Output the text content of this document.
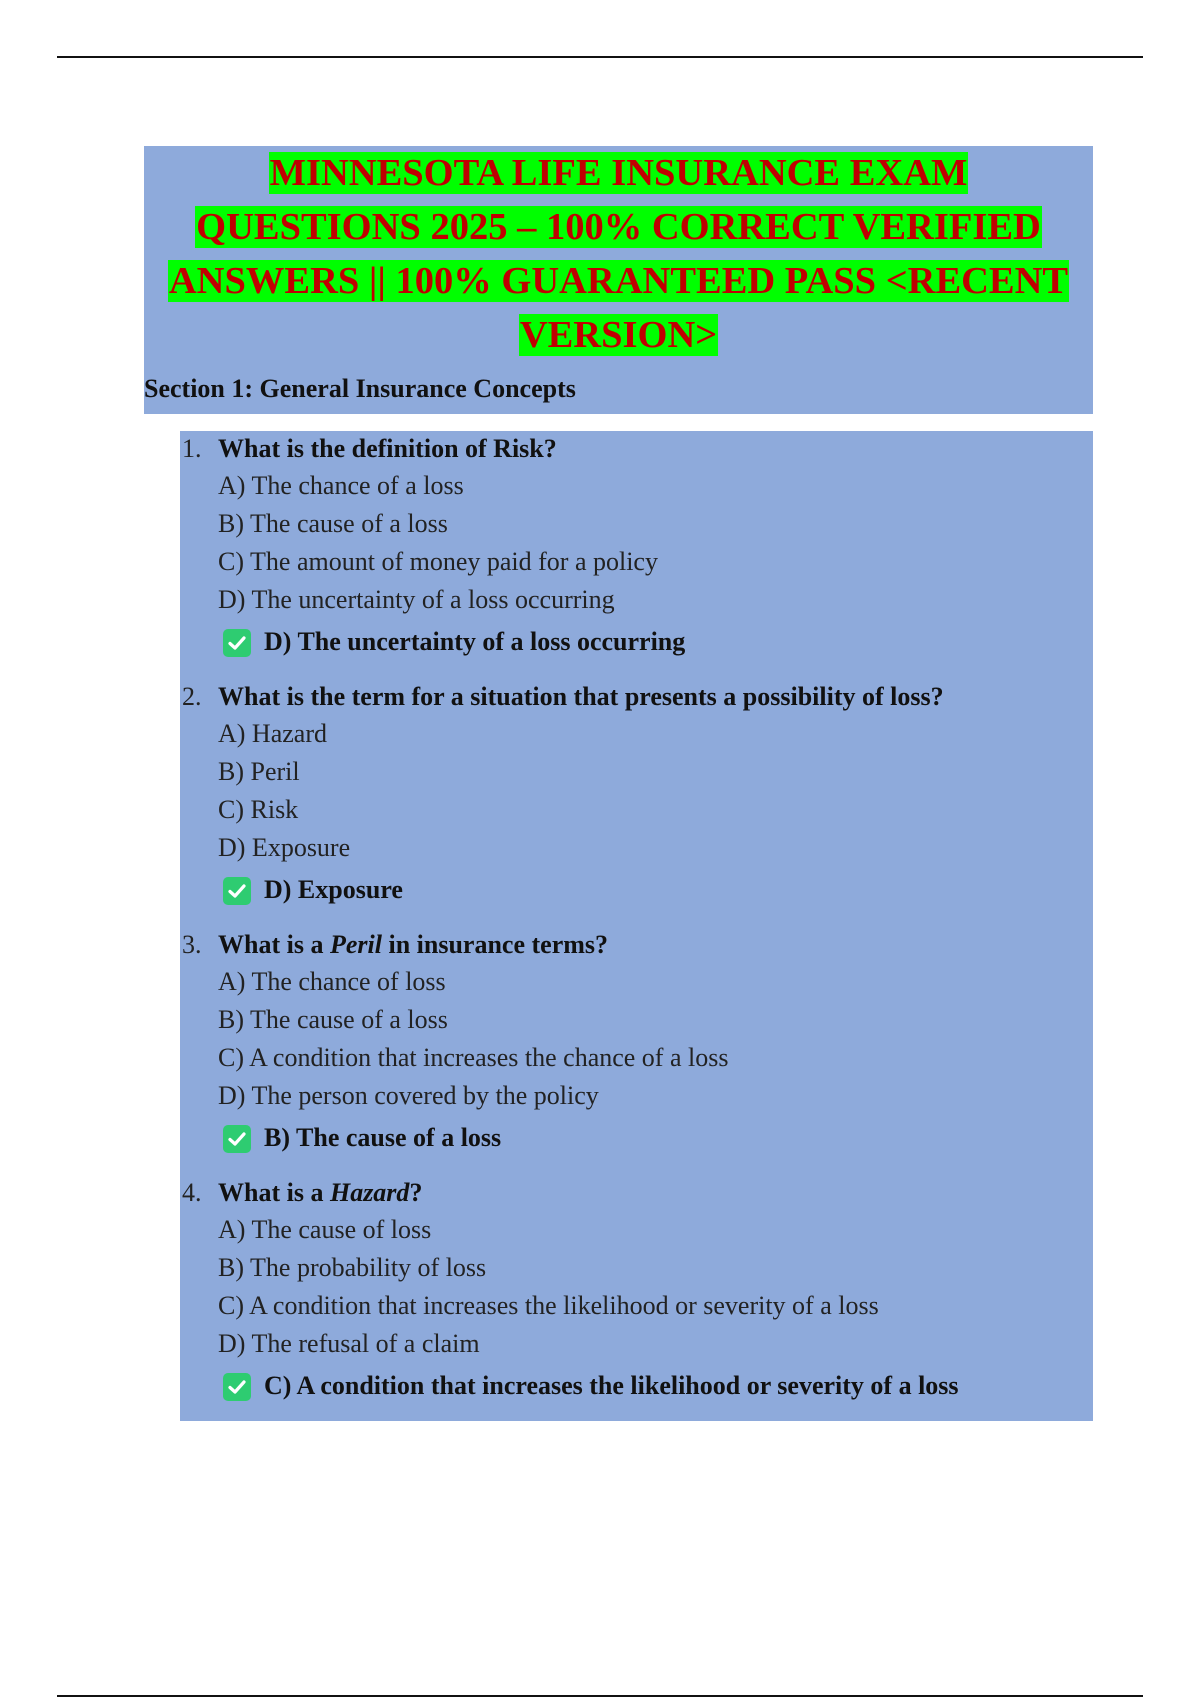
MINNESOTA LIFE INSURANCE EXAM
QUESTIONS 2025 – 100% CORRECT VERIFIED
ANSWERS || 100% GUARANTEED PASS <RECENT
VERSION>
Section 1: General Insurance Concepts
1. What is the definition of Risk?
A) The chance of a loss
B) The cause of a loss
C) The amount of money paid for a policy
D) The uncertainty of a loss occurring
D) The uncertainty of a loss occurring
2. What is the term for a situation that presents a possibility of loss?
A) Hazard
B) Peril
C) Risk
D) Exposure
D) Exposure
3. What is a Peril in insurance terms?
A) The chance of loss
B) The cause of a loss
C) A condition that increases the chance of a loss
D) The person covered by the policy
B) The cause of a loss
4. What is a Hazard?
A) The cause of loss
B) The probability of loss
C) A condition that increases the likelihood or severity of a loss
D) The refusal of a claim
C) A condition that increases the likelihood or severity of a loss
